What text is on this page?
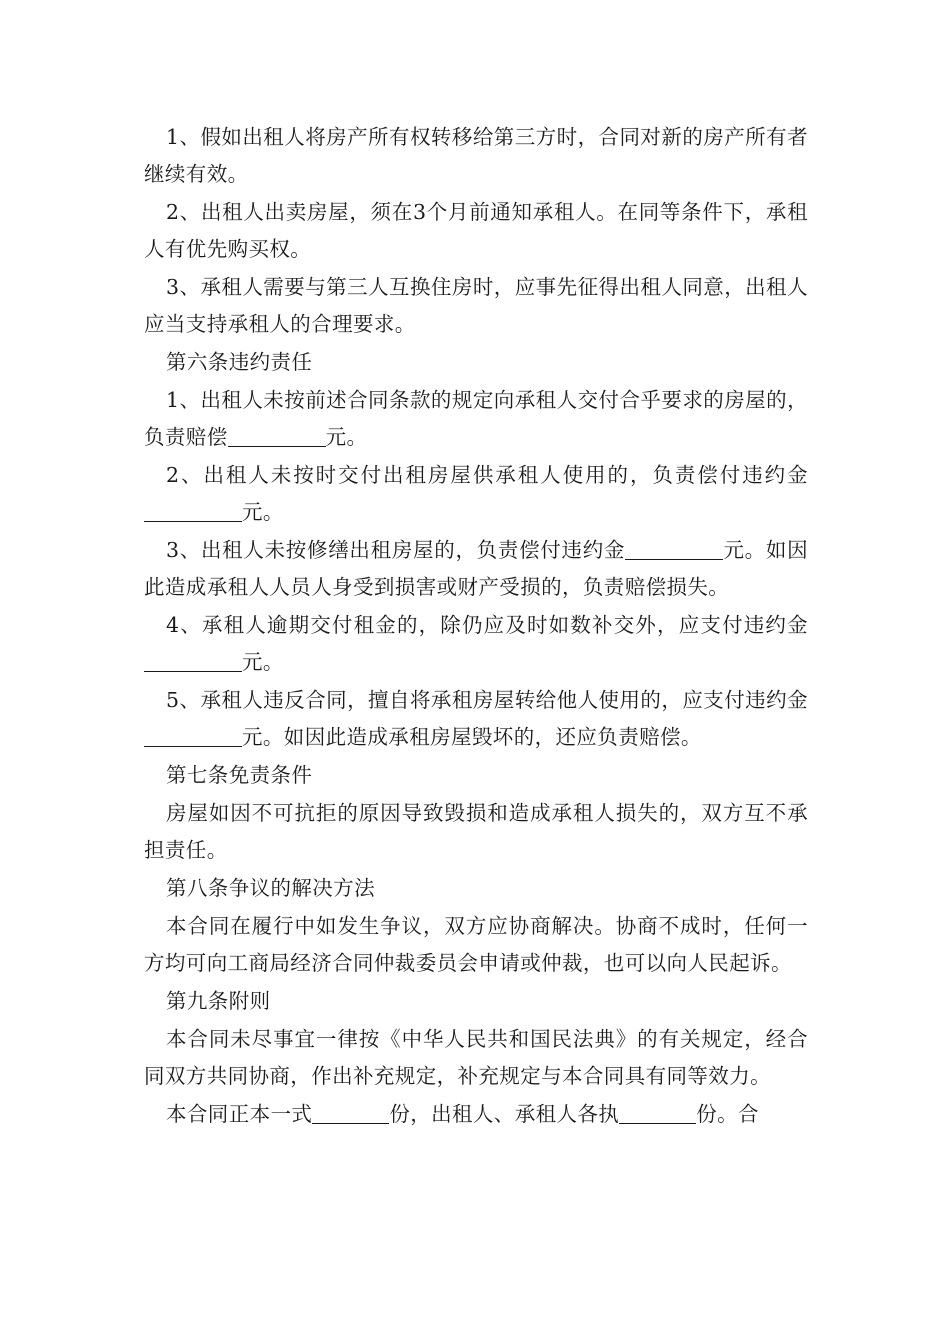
1、假如出租人将房产所有权转移给第三方时，合同对新的房产所有者继续有效。

2、出租人出卖房屋，须在3个月前通知承租人。在同等条件下，承租人有优先购买权。

3、承租人需要与第三人互换住房时，应事先征得出租人同意，出租人应当支持承租人的合理要求。

第六条违约责任

1、出租人未按前述合同条款的规定向承租人交付合乎要求的房屋的，负责赔偿	元。

2、出租人未按时交付出租房屋供承租人使用的，负责偿付违约金元。

3、出租人未按修缮出租房屋的，负责偿付违约金	元。如因此造成承租人人员人身受到损害或财产受损的，负责赔偿损失。

4、承租人逾期交付租金的，除仍应及时如数补交外，应支付违约金元。

5、承租人违反合同，擅自将承租房屋转给他人使用的，应支付违约金元。如因此造成承租房屋毁坏的，还应负责赔偿。

第七条免责条件

房屋如因不可抗拒的原因导致毁损和造成承租人损失的，双方互不承担责任。

第八条争议的解决方法

本合同在履行中如发生争议，双方应协商解决。协商不成时，任何一方均可向工商局经济合同仲裁委员会申请或仲裁，也可以向人民起诉。

第九条附则

本合同未尽事宜一律按《中华人民共和国民法典》的有关规定，经合同双方共同协商，作出补充规定，补充规定与本合同具有同等效力。

本合同正本一式	份，出租人、承租人各执	份。合
